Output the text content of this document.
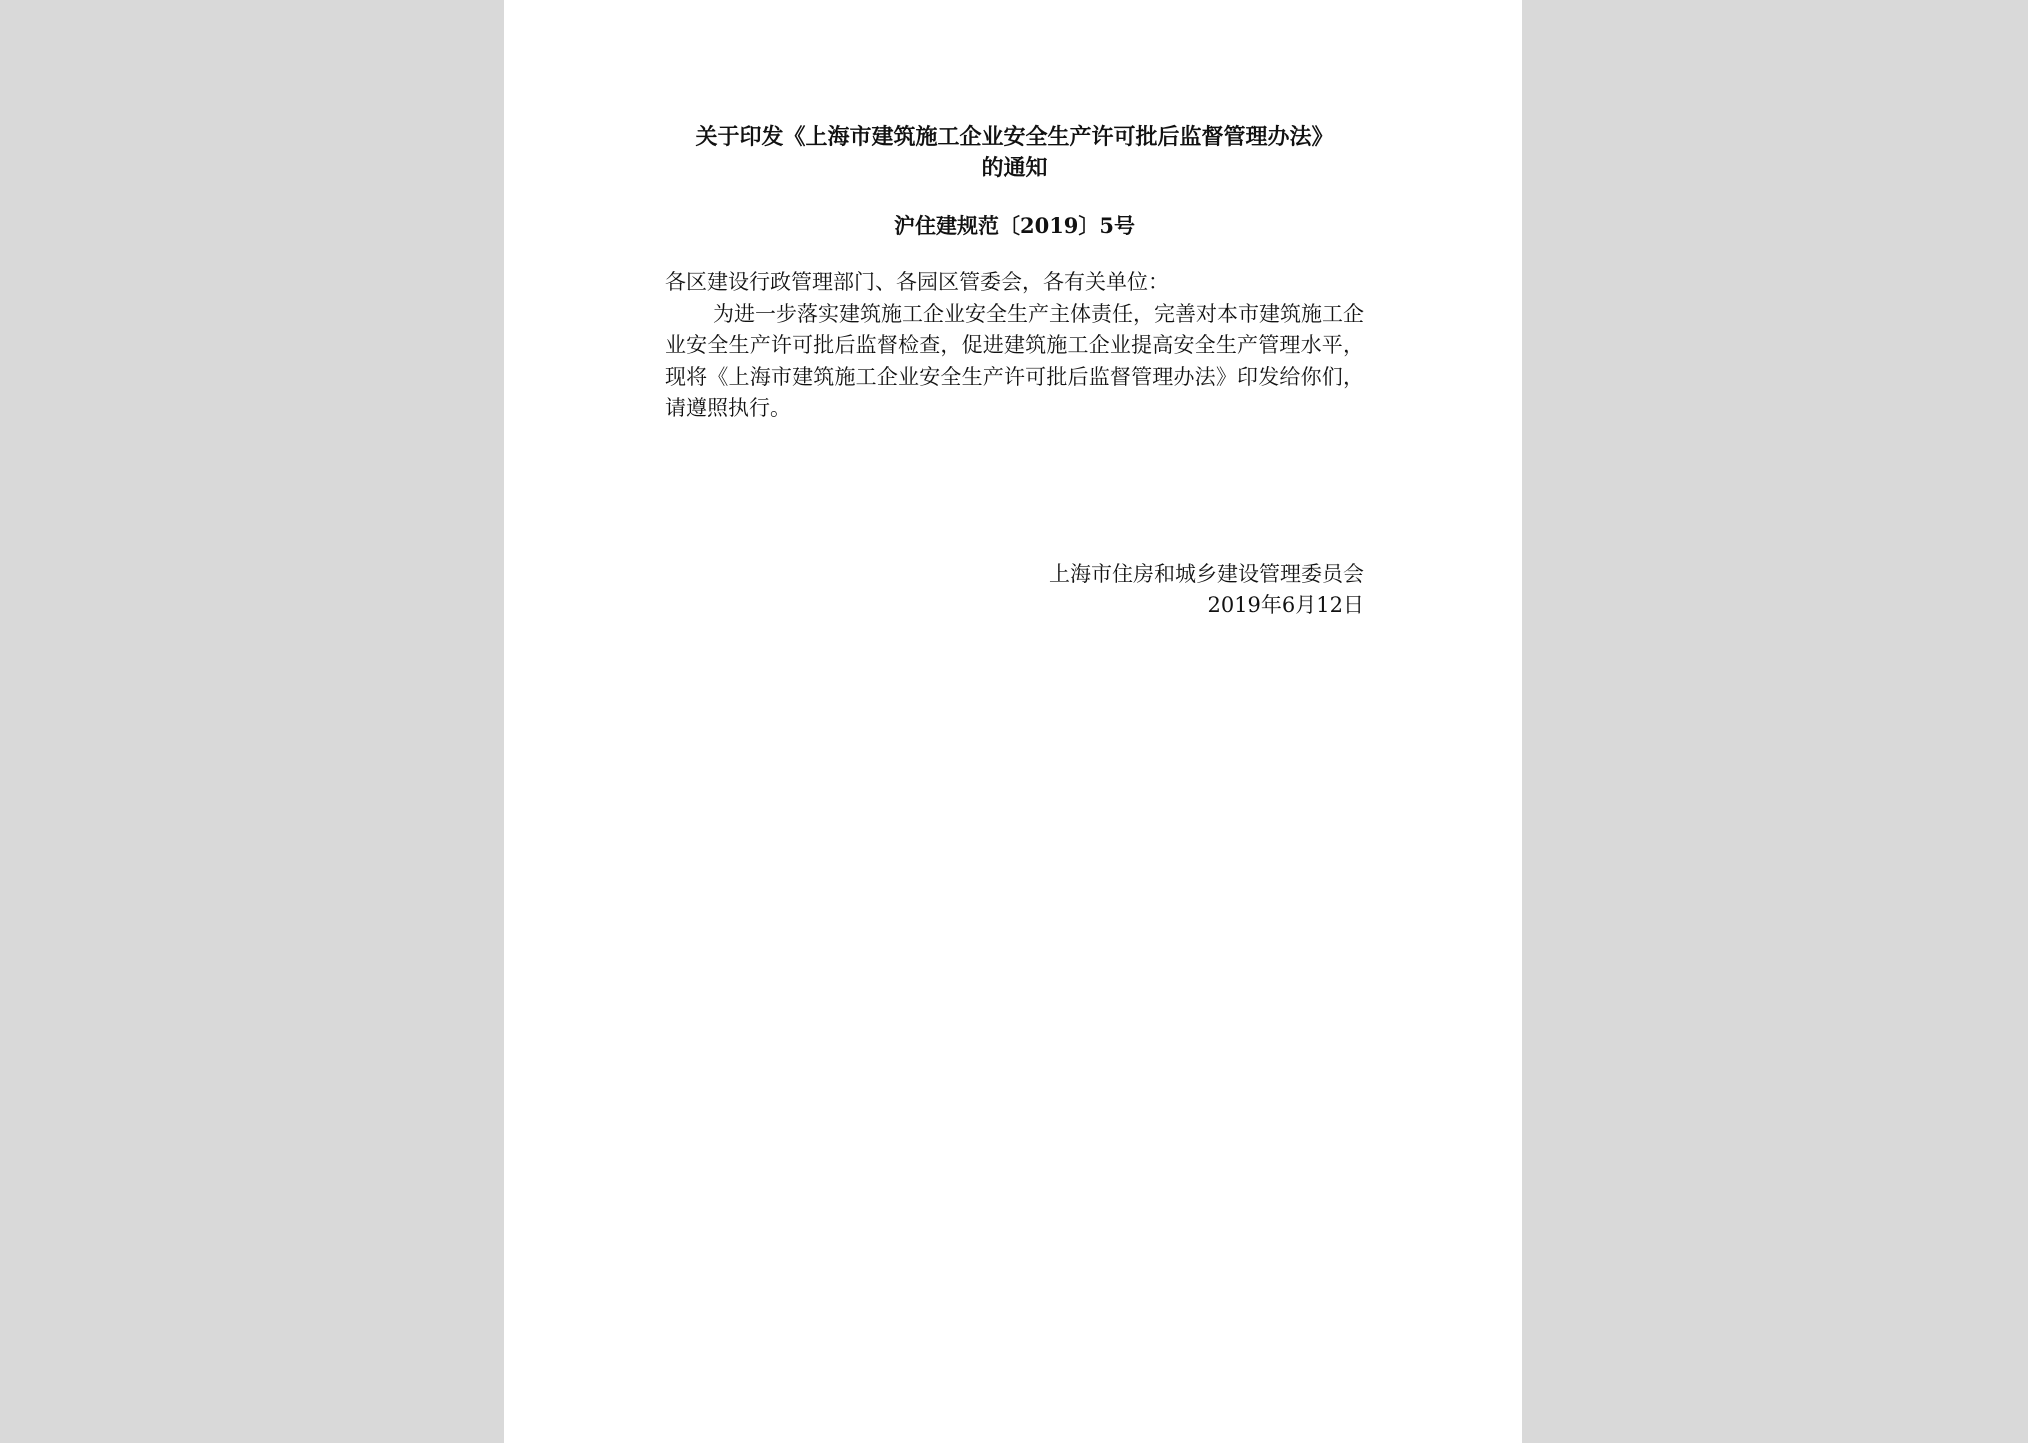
关于印发《上海市建筑施工企业安全生产许可批后监督管理办法》
的通知
沪住建规范〔2019〕5号
各区建设行政管理部门、各园区管委会，各有关单位：

为进一步落实建筑施工企业安全生产主体责任，完善对本市建筑施工企业安全生产许可批后监督检查，促进建筑施工企业提高安全生产管理水平，现将《上海市建筑施工企业安全生产许可批后监督管理办法》印发给你们，请遵照执行。

上海市住房和城乡建设管理委员会
2019年6月12日
